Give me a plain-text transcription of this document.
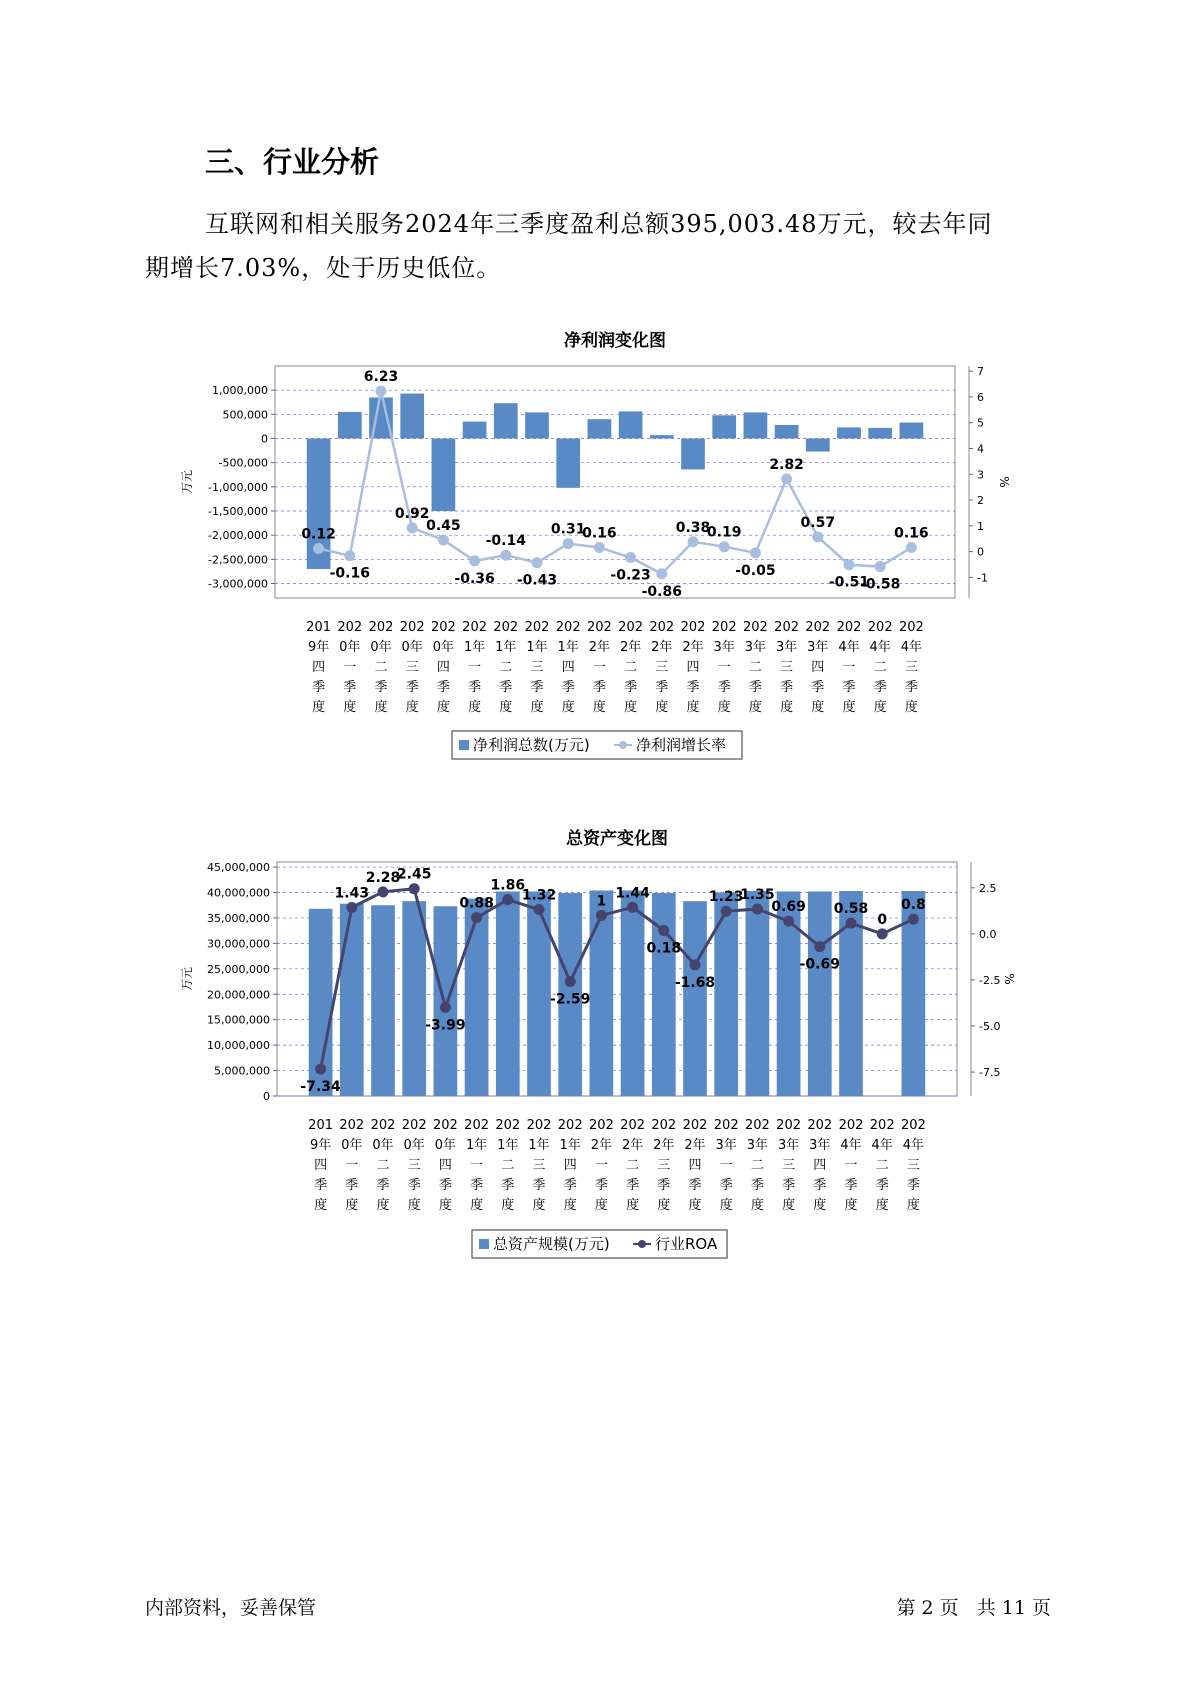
三、行业分析
互联网和相关服务2024年三季度盈利总额395,003.48万元，较去年同
期增长7.03%，处于历史低位。
净利润变化图
1,000,000
500,000
0
-500,000
-1,000,000
-1,500,000
-2,000,000
-2,500,000
-3,000,000
7
6
5
4
3
2
1
0
-1
万元	%
0.12
-0.16
6.23
0.92
0.45
-0.36
-0.14
-0.43
0.31
0.16
-0.23
-0.86
0.38
0.19
-0.05
2.82
0.57
-0.51
-0.58
0.16
201 202 202 202 202 202 202 202 202 202 202 202 202 202 202 202 202 202 202 202
9年 0年 0年 0年 0年 1年 1年 1年 1年 2年 2年 2年 2年 3年 3年 3年 3年 4年 4年 4年
四 一 二 三 四 一 二 三 四 一 二 三 四 一 二 三 四 一 二 三
季 季 季 季 季 季 季 季 季 季 季 季 季 季 季 季 季 季 季 季
度 度 度 度 度 度 度 度 度 度 度 度 度 度 度 度 度 度 度 度
净利润总数(万元)	净利润增长率
总资产变化图
45,000,000
40,000,000
35,000,000
30,000,000
25,000,000
20,000,000
15,000,000
10,000,000
5,000,000
0
2.5
0.0
-2.5
-5.0
-7.5
万元	%
-7.34
1.43
2.28
2.45
-3.99
0.88
1.86
1.32
-2.59
1
1.44
0.18
-1.68
1.23
1.35
0.69
-0.69
0.58
0
0.8
201 202 202 202 202 202 202 202 202 202 202 202 202 202 202 202 202 202 202 202
9年 0年 0年 0年 0年 1年 1年 1年 1年 2年 2年 2年 2年 3年 3年 3年 3年 4年 4年 4年
四 一 二 三 四 一 二 三 四 一 二 三 四 一 二 三 四 一 二 三
季 季 季 季 季 季 季 季 季 季 季 季 季 季 季 季 季 季 季 季
度 度 度 度 度 度 度 度 度 度 度 度 度 度 度 度 度 度 度 度
总资产规模(万元)	行业ROA
内部资料，妥善保管	第 2 页   共 11 页
